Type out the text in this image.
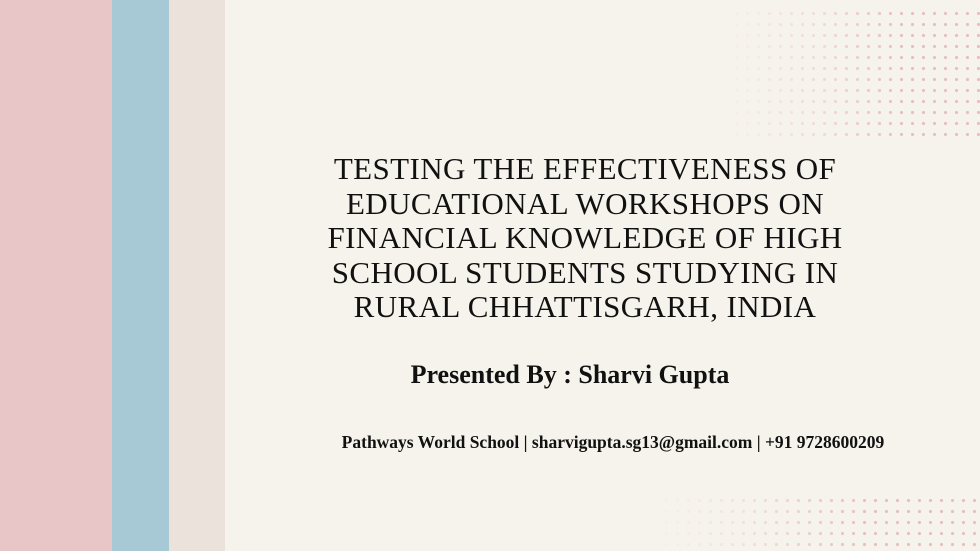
TESTING THE EFFECTIVENESS OF
EDUCATIONAL WORKSHOPS ON
FINANCIAL KNOWLEDGE OF HIGH
SCHOOL STUDENTS STUDYING IN
RURAL CHHATTISGARH, INDIA

Presented By : Sharvi Gupta

Pathways World School | sharvigupta.sg13@gmail.com | +91 9728600209
